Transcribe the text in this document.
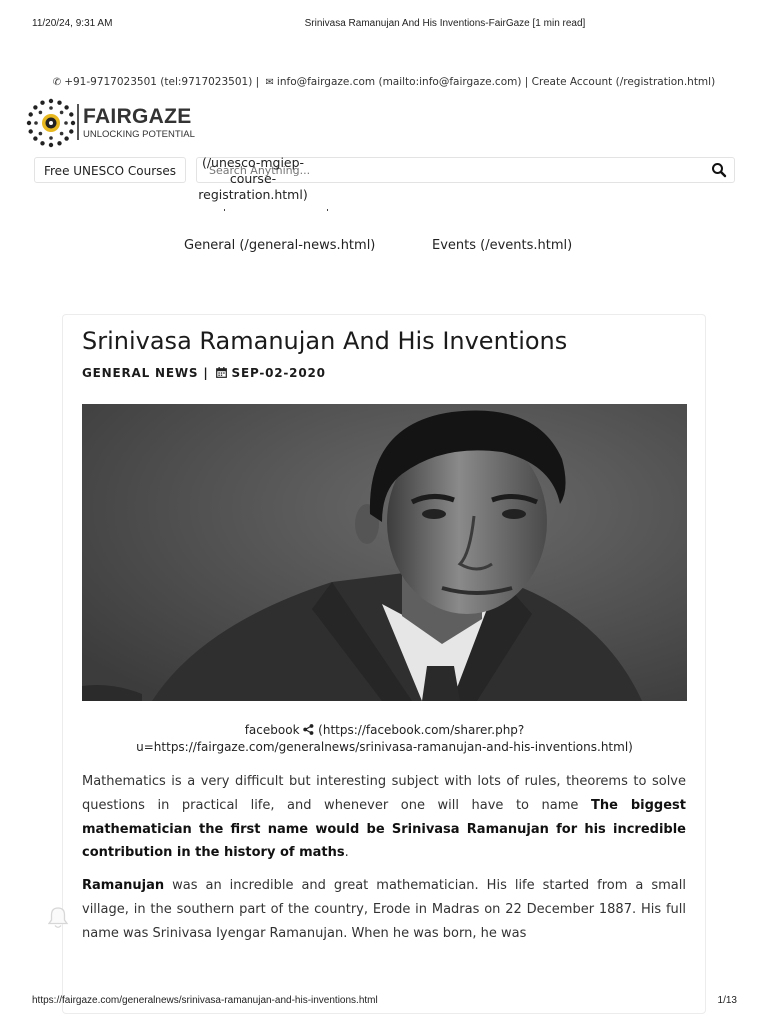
11/20/24, 9:31 AM	Srinivasa Ramanujan And His Inventions-FairGaze [1 min read]
✆ +91-9717023501 (tel:9717023501) | ✉ info@fairgaze.com (mailto:info@fairgaze.com) | Create Account (/registration.html)
FAIRGAZE
UNLOCKING POTENTIAL
Search Anything...
Free UNESCO Courses
(/unesco-mgiep-course-registration.html)
General (/general-news.html)	Events (/events.html)
Srinivasa Ramanujan And His Inventions
GENERAL NEWS | SEP-02-2020
facebook (https://facebook.com/sharer.php?
u=https://fairgaze.com/generalnews/srinivasa-ramanujan-and-his-inventions.html)

Mathematics is a very difficult but interesting subject with lots of rules, theorems to solve questions in practical life, and whenever one will have to name The biggest mathematician the first name would be Srinivasa Ramanujan for his incredible contribution in the history of maths.

Ramanujan was an incredible and great mathematician. His life started from a small village, in the southern part of the country, Erode in Madras on 22 December 1887. His full name was Srinivasa Iyengar Ramanujan. When he was born, he was

https://fairgaze.com/generalnews/srinivasa-ramanujan-and-his-inventions.html	1/13
